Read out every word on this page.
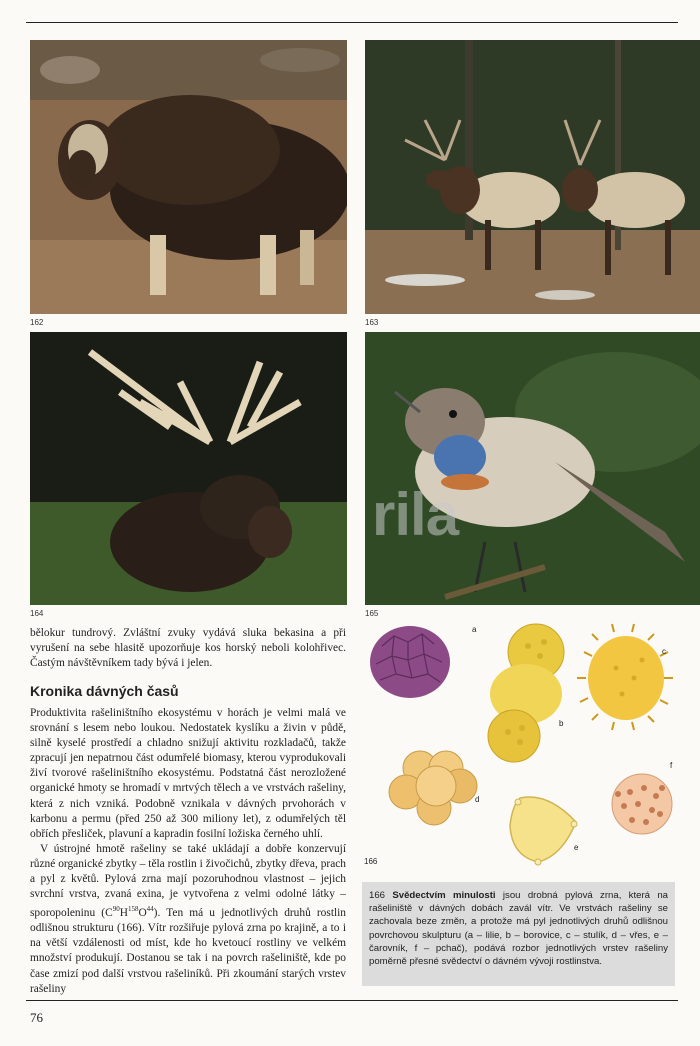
162	163
164	165
rila

bělokur tundrový. Zvláštní zvuky vydává sluka bekasina a při vyrušení na sebe hlasitě upozorňuje kos horský neboli kolohřivec. Častým návštěvníkem tady bývá i jelen.

Kronika dávných časů

Produktivita rašeliništního ekosystému v horách je velmi malá ve srovnání s lesem nebo loukou. Nedostatek kyslíku a živin v půdě, silně kyselé prostředí a chladno snižují aktivitu rozkladačů, takže zpracují jen nepatrnou část odumřelé biomasy, kterou vyprodukovali živí tvorové rašeliništního ekosystému. Podstatná část nerozložené organické hmoty se hromadí v mrtvých tělech a ve vrstvách rašeliny, která z nich vzniká. Podobně vznikala v dávných prvohorách v karbonu a permu (před 250 až 300 miliony let), z odumřelých těl obřích přesliček, plavuní a kapradin fosilní ložiska černého uhlí.

V ústrojné hmotě rašeliny se také ukládají a dobře konzervují různé organické zbytky – těla rostlin i živočichů, zbytky dřeva, prach a pyl z květů. Pylová zrna mají pozoruhodnou vlastnost – jejich svrchní vrstva, zvaná exina, je vytvořena z velmi odolné látky – sporopoleninu $(C^{90}H^{158}O^{44})$. Ten má u jednotlivých druhů rostlin odlišnou strukturu (166). Vítr rozšiřuje pylová zrna po krajině, a to i na větší vzdálenosti od míst, kde ho kvetoucí rostliny ve velkém množství produkují. Dostanou se tak i na povrch rašeliniště, kde po čase zmizí pod další vrstvou rašeliníků. Při zkoumání starých vrstev rašeliny

a
b
c
d
e
f
166

166 Svědectvím minulosti jsou drobná pylová zrna, která na rašeliniště v dávných dobách zavál vítr. Ve vrstvách rašeliny se zachovala beze změn, a protože má pyl jednotlivých druhů odlišnou povrchovou skulpturu (a – lilie, b – borovice, c – stulík, d – vřes, e – čarovník, f – pchač), podává rozbor jednotlivých vrstev rašeliny poměrně přesné svědectví o dávném vývoji rostlinstva.

76
